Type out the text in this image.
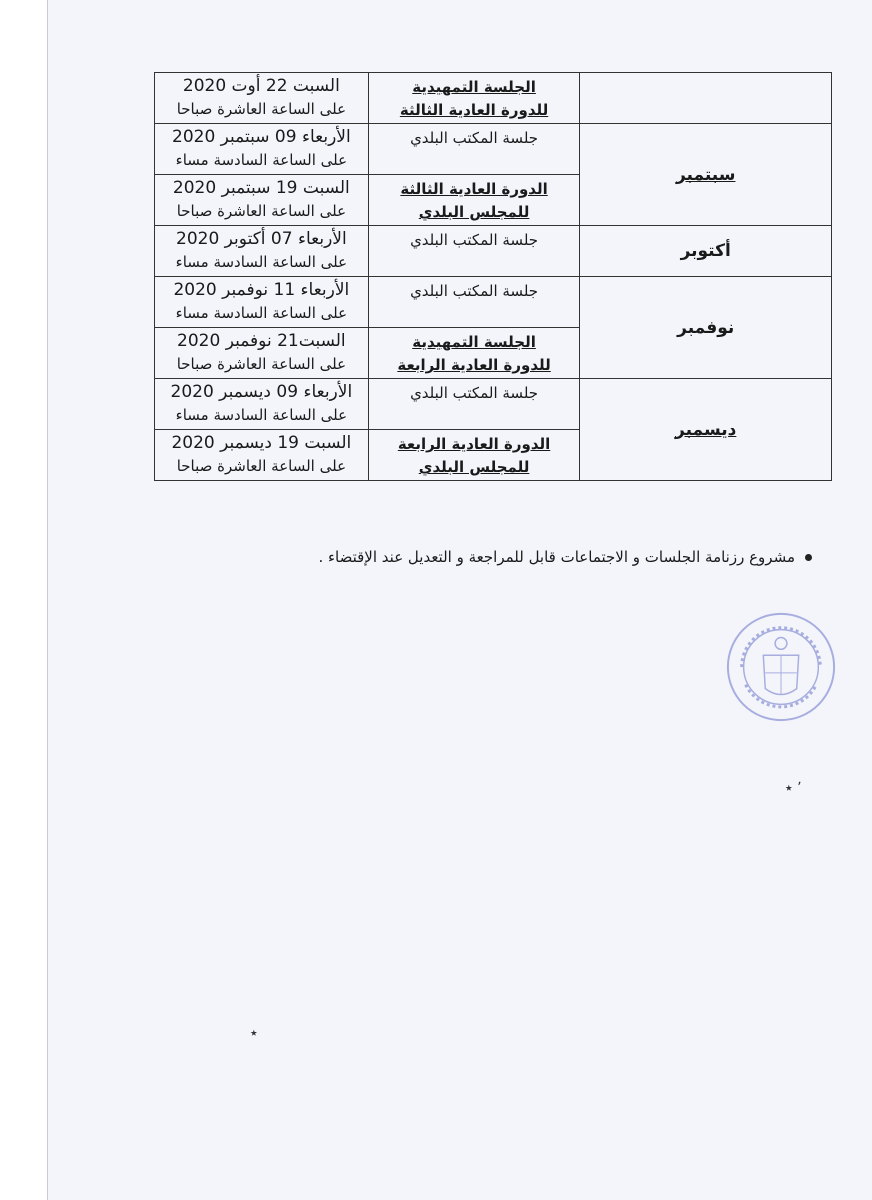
	الجلسة التمهيدية
للدورة العادية الثالثة	السبت 22 أوت 2020
على الساعة العاشرة صباحا

سبتمبر	جلسة المكتب البلدي	الأربعاء 09 سبتمبر 2020
على الساعة السادسة مساء

	الدورة العادية الثالثة
للمجلس البلدي	السبت 19 سبتمبر 2020
على الساعة العاشرة صباحا

أكتوبر	جلسة المكتب البلدي	الأربعاء 07 أكتوبر 2020
على الساعة السادسة مساء

نوفمبر	جلسة المكتب البلدي	الأربعاء 11 نوفمبر 2020
على الساعة السادسة مساء

	الجلسة التمهيدية
للدورة العادية الرابعة	السبت21 نوفمبر 2020
على الساعة العاشرة صباحا

ديسمبر	جلسة المكتب البلدي	الأربعاء 09 ديسمبر 2020
على الساعة السادسة مساء

	الدورة العادية الرابعة
للمجلس البلدي	السبت 19 ديسمبر 2020
على الساعة العاشرة صباحا
مشروع رزنامة الجلسات و الاجتماعات قابل للمراجعة و التعديل عند الإقتضاء .
٬ ٭
٭
